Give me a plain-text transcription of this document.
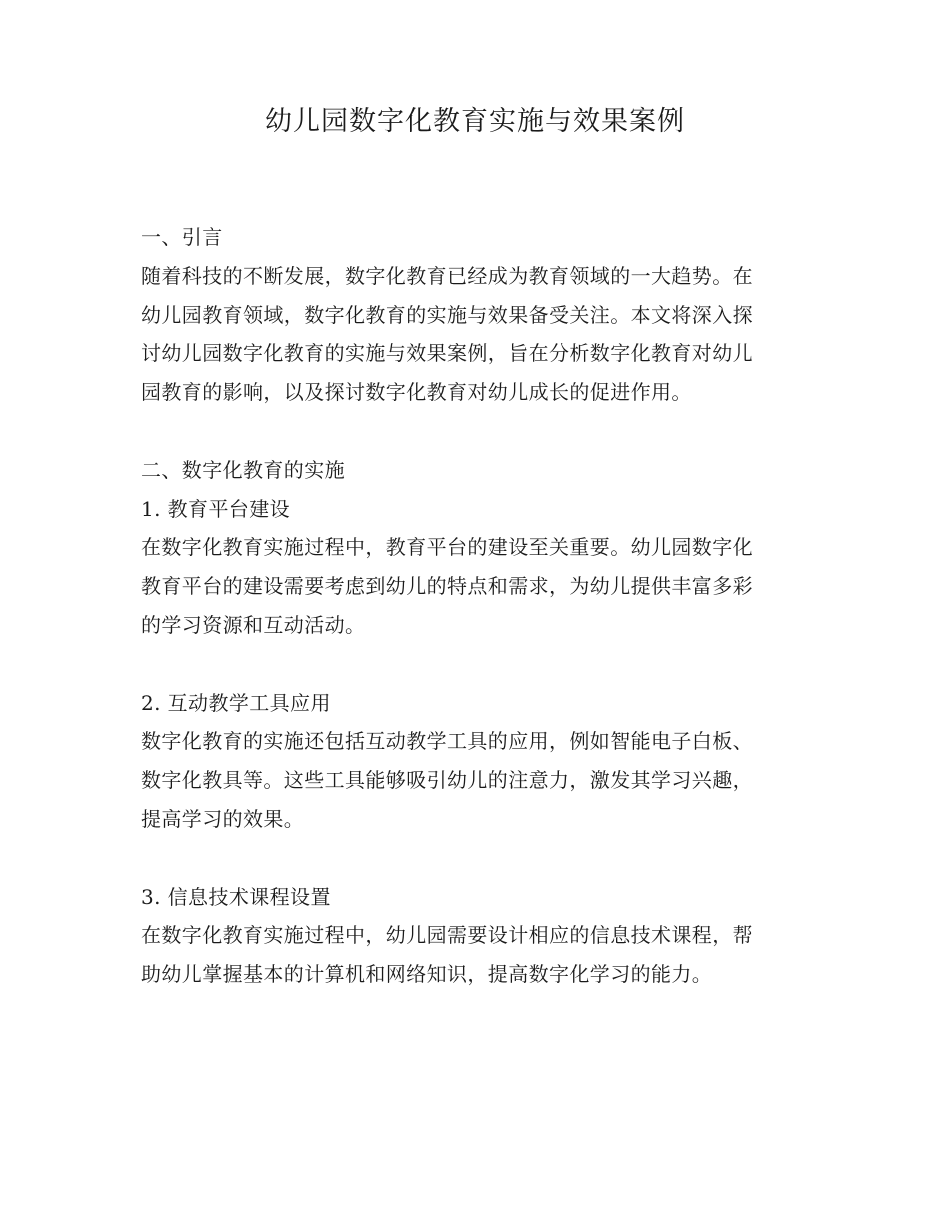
幼儿园数字化教育实施与效果案例
一、引言
随着科技的不断发展，数字化教育已经成为教育领域的一大趋势。在
幼儿园教育领域，数字化教育的实施与效果备受关注。本文将深入探
讨幼儿园数字化教育的实施与效果案例，旨在分析数字化教育对幼儿
园教育的影响，以及探讨数字化教育对幼儿成长的促进作用。
二、数字化教育的实施
1. 教育平台建设
在数字化教育实施过程中，教育平台的建设至关重要。幼儿园数字化
教育平台的建设需要考虑到幼儿的特点和需求，为幼儿提供丰富多彩
的学习资源和互动活动。
2. 互动教学工具应用
数字化教育的实施还包括互动教学工具的应用，例如智能电子白板、
数字化教具等。这些工具能够吸引幼儿的注意力，激发其学习兴趣，
提高学习的效果。
3. 信息技术课程设置
在数字化教育实施过程中，幼儿园需要设计相应的信息技术课程，帮
助幼儿掌握基本的计算机和网络知识，提高数字化学习的能力。
